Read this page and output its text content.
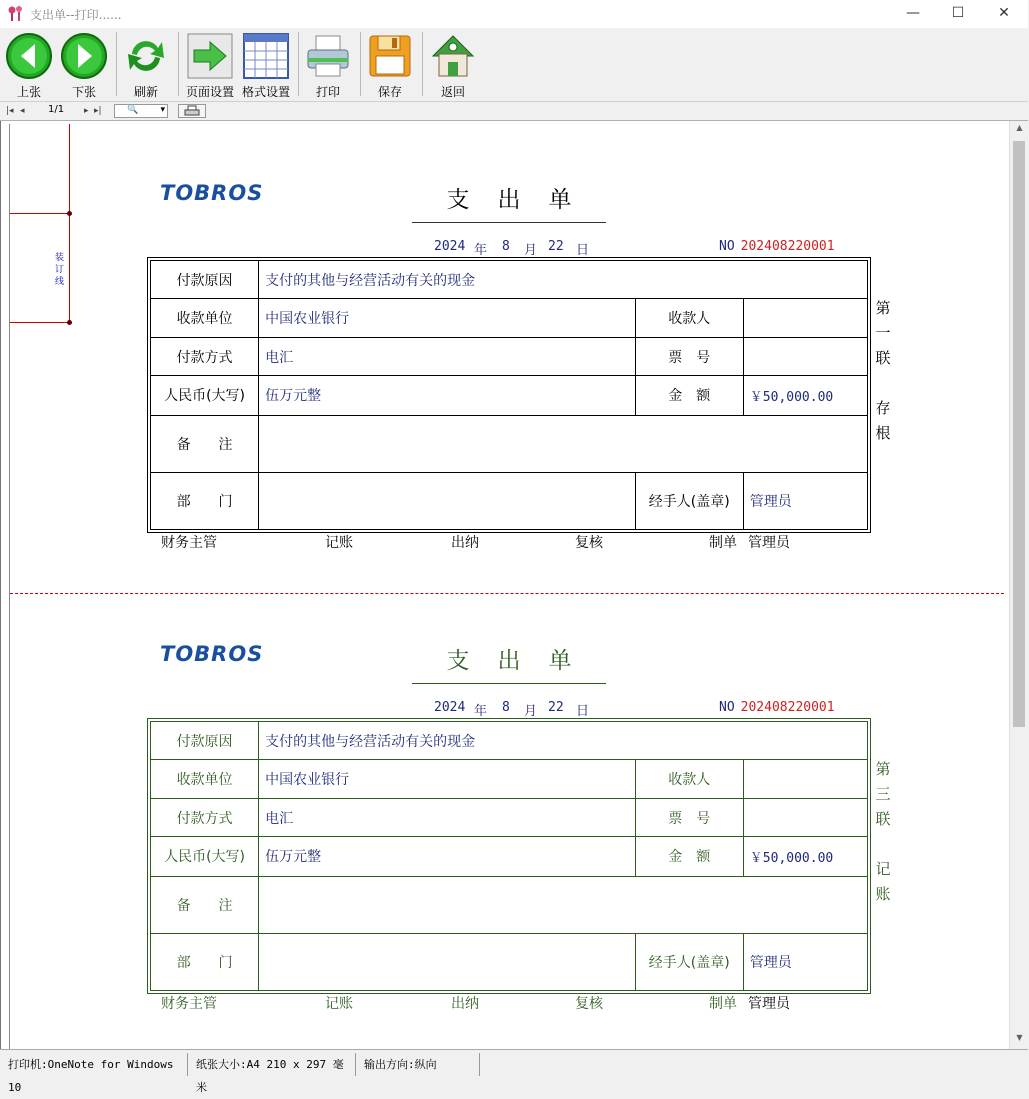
支出单--打印......	—	☐	✕
上张	下张	刷新	页面设置 格式设置	打印	保存	返回
|◂ ◂ 1/1 ▸ ▸|	🔍 ▾
装订线
TOBROS	支出单
2024 年 8 月 22 日	NO 202408220001
付款原因	支付的其他与经营活动有关的现金		
收款单位	中国农业银行	收款人	
付款方式	电汇	票　号	
人民币(大写)	伍万元整	金　额	￥50,000.00
备　　注			
部　　门		经手人(盖章)	管理员
第
一
联
存
根
财务主管	记账	出纳	复核	制单 管理员
TOBROS	支出单
2024 年 8 月 22 日	NO 202408220001
付款原因	支付的其他与经营活动有关的现金		
收款单位	中国农业银行	收款人	
付款方式	电汇	票　号	
人民币(大写)	伍万元整	金　额	￥50,000.00
备　　注			
部　　门		经手人(盖章)	管理员
第
三
联
记
账
财务主管	记账	出纳	复核	制单 管理员
▲
▼
打印机:OneNote for Windows 10
纸张大小:A4 210 x 297 毫米
输出方向:纵向
